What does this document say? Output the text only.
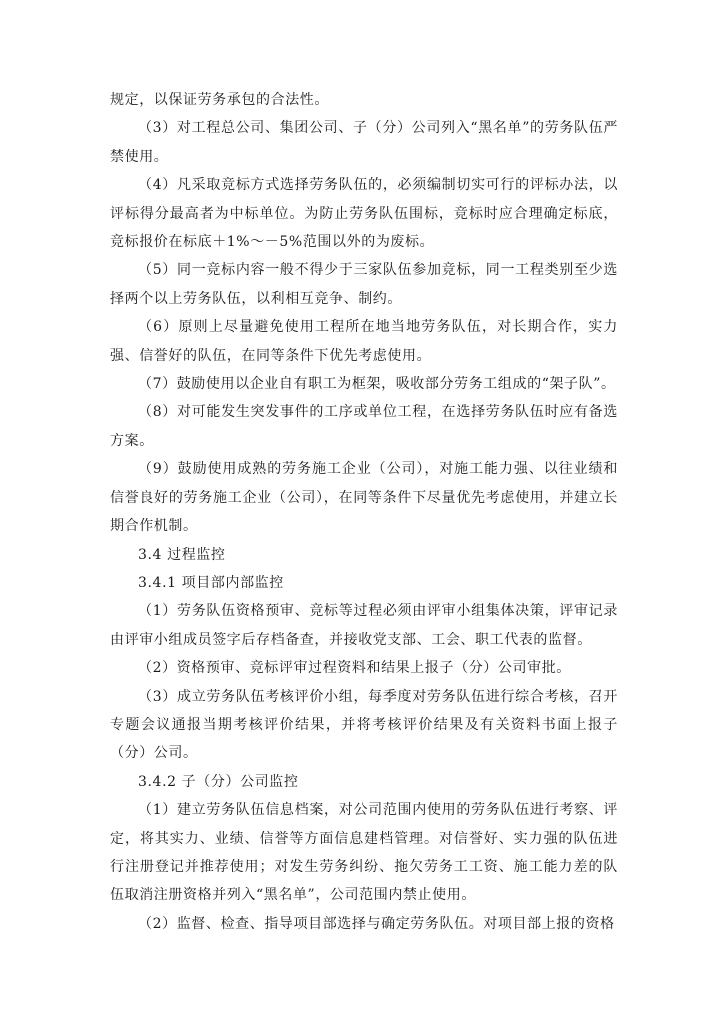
规定，以保证劳务承包的合法性。

（3）对工程总公司、集团公司、子（分）公司列入“黑名单”的劳务队伍严禁使用。

（4）凡采取竞标方式选择劳务队伍的，必须编制切实可行的评标办法，以评标得分最高者为中标单位。为防止劳务队伍围标，竞标时应合理确定标底，竞标报价在标底＋1%～－5%范围以外的为废标。

（5）同一竞标内容一般不得少于三家队伍参加竞标，同一工程类别至少选择两个以上劳务队伍，以利相互竞争、制约。

（6）原则上尽量避免使用工程所在地当地劳务队伍，对长期合作，实力强、信誉好的队伍，在同等条件下优先考虑使用。

（7）鼓励使用以企业自有职工为框架，吸收部分劳务工组成的“架子队”。

（8）对可能发生突发事件的工序或单位工程，在选择劳务队伍时应有备选方案。

（9）鼓励使用成熟的劳务施工企业（公司），对施工能力强、以往业绩和信誉良好的劳务施工企业（公司），在同等条件下尽量优先考虑使用，并建立长期合作机制。

3.4 过程监控

3.4.1 项目部内部监控

（1）劳务队伍资格预审、竞标等过程必须由评审小组集体决策，评审记录由评审小组成员签字后存档备查，并接收党支部、工会、职工代表的监督。

（2）资格预审、竞标评审过程资料和结果上报子（分）公司审批。

（3）成立劳务队伍考核评价小组，每季度对劳务队伍进行综合考核，召开专题会议通报当期考核评价结果，并将考核评价结果及有关资料书面上报子（分）公司。

3.4.2 子（分）公司监控

（1）建立劳务队伍信息档案，对公司范围内使用的劳务队伍进行考察、评定，将其实力、业绩、信誉等方面信息建档管理。对信誉好、实力强的队伍进行注册登记并推荐使用；对发生劳务纠纷、拖欠劳务工工资、施工能力差的队伍取消注册资格并列入“黑名单”，公司范围内禁止使用。

（2）监督、检查、指导项目部选择与确定劳务队伍。对项目部上报的资格
